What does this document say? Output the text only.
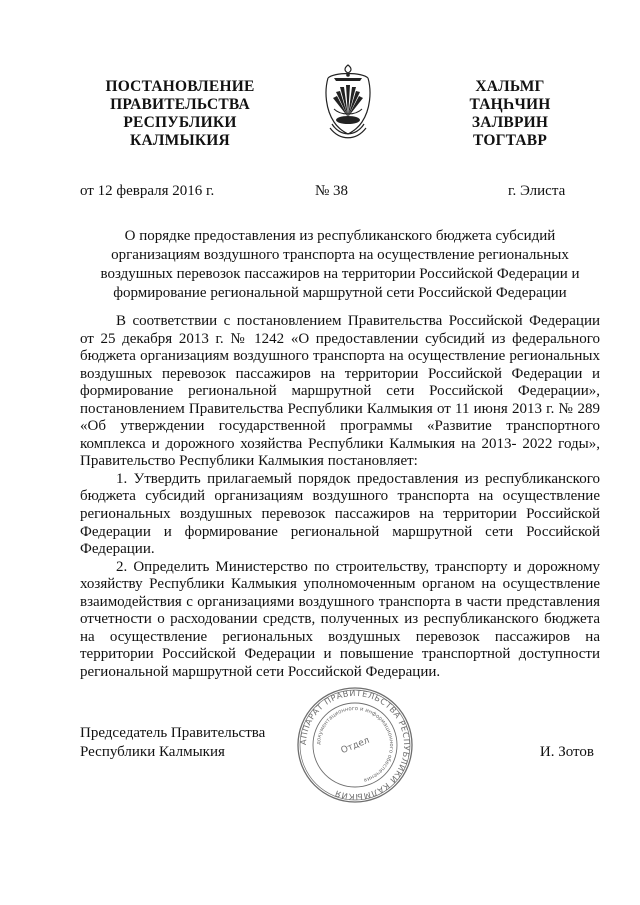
ПОСТАНОВЛЕНИЕ
ПРАВИТЕЛЬСТВА
РЕСПУБЛИКИ
КАЛМЫКИЯ
ХАЛЬМГ
ТАҢҺЧИН
ЗАЛВРИН
ТОГТАВР
от 12 февраля 2016 г.	№ 38	г. Элиста
О порядке предоставления из республиканского бюджета субсидий
организациям воздушного транспорта на осуществление региональных
воздушных перевозок пассажиров на территории Российской Федерации и
формирование региональной маршрутной сети Российской Федерации

В соответствии с постановлением Правительства Российской Федерации от 25 декабря 2013 г. № 1242 «О предоставлении субсидий из федерального бюджета организациям воздушного транспорта на осуществление региональных воздушных перевозок пассажиров на территории Российской Федерации и формирование региональной маршрутной сети Российской Федерации», постановлением Правительства Республики Калмыкия от 11 июня 2013 г. № 289 «Об утверждении государственной программы «Развитие транспортного комплекса и дорожного хозяйства Республики Калмыкия на 2013- 2022 годы», Правительство Республики Калмыкия постановляет:

1. Утвердить прилагаемый порядок предоставления из республиканского бюджета субсидий организациям воздушного транспорта на осуществление региональных воздушных перевозок пассажиров на территории Российской Федерации и формирование региональной маршрутной сети Российской Федерации.

2. Определить Министерство по строительству, транспорту и дорожному хозяйству Республики Калмыкия уполномоченным органом на осуществление взаимодействия с организациями воздушного транспорта в части представления отчетности о расходовании средств, полученных из республиканского бюджета на осуществление региональных воздушных перевозок пассажиров на территории Российской Федерации и повышение транспортной доступности региональной маршрутной сети Российской Федерации.

АППАРАТ ПРАВИТЕЛЬСТВА РЕСПУБЛИКИ КАЛМЫКИЯ
документационного и информационного обеспечения
Отдел
Председатель Правительства
Республики Калмыкия	И. Зотов
